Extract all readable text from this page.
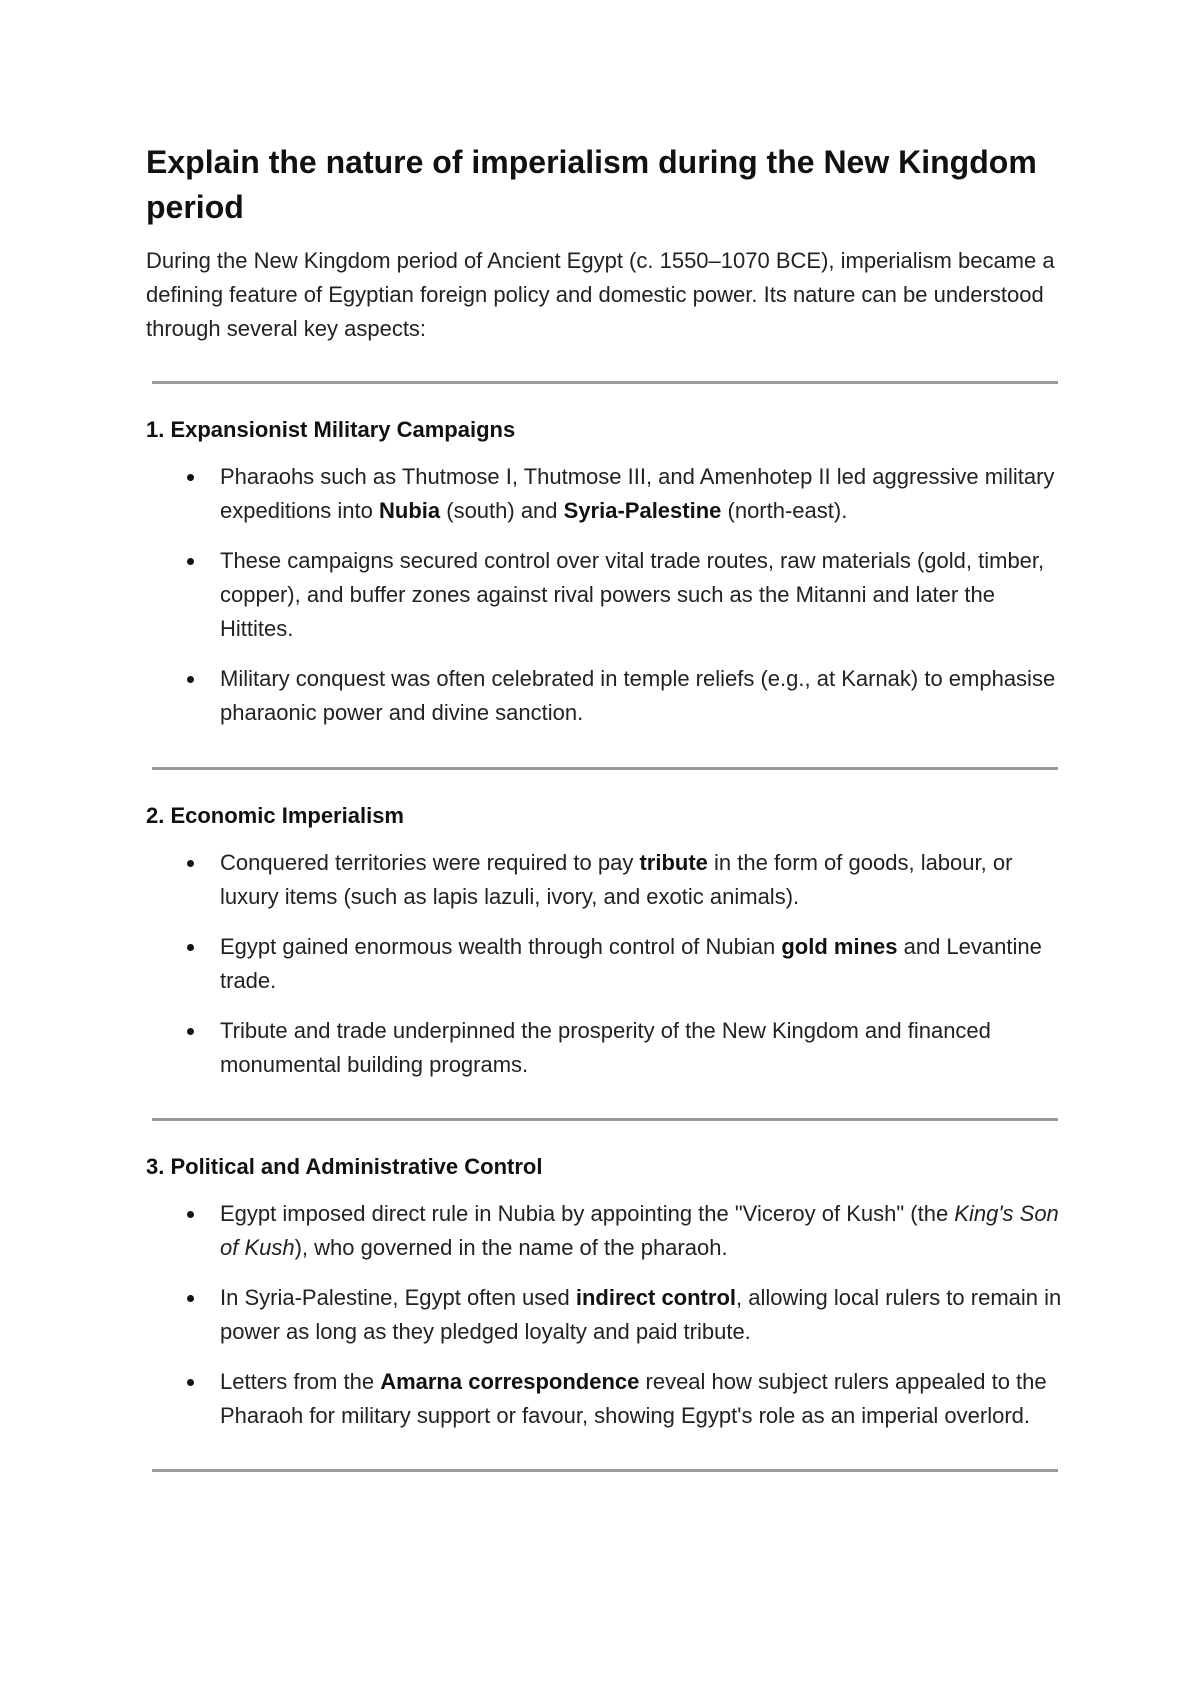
Explain the nature of imperialism during the New Kingdom period

During the New Kingdom period of Ancient Egypt (c. 1550–1070 BCE), imperialism became a defining feature of Egyptian foreign policy and domestic power. Its nature can be understood through several key aspects:

1. Expansionist Military Campaigns
Pharaohs such as Thutmose I, Thutmose III, and Amenhotep II led aggressive military expeditions into Nubia (south) and Syria-Palestine (north-east).
These campaigns secured control over vital trade routes, raw materials (gold, timber, copper), and buffer zones against rival powers such as the Mitanni and later the Hittites.
Military conquest was often celebrated in temple reliefs (e.g., at Karnak) to emphasise pharaonic power and divine sanction.
2. Economic Imperialism
Conquered territories were required to pay tribute in the form of goods, labour, or luxury items (such as lapis lazuli, ivory, and exotic animals).
Egypt gained enormous wealth through control of Nubian gold mines and Levantine trade.
Tribute and trade underpinned the prosperity of the New Kingdom and financed monumental building programs.
3. Political and Administrative Control
Egypt imposed direct rule in Nubia by appointing the "Viceroy of Kush" (the King's Son of Kush), who governed in the name of the pharaoh.
In Syria-Palestine, Egypt often used indirect control, allowing local rulers to remain in power as long as they pledged loyalty and paid tribute.
Letters from the Amarna correspondence reveal how subject rulers appealed to the Pharaoh for military support or favour, showing Egypt's role as an imperial overlord.
